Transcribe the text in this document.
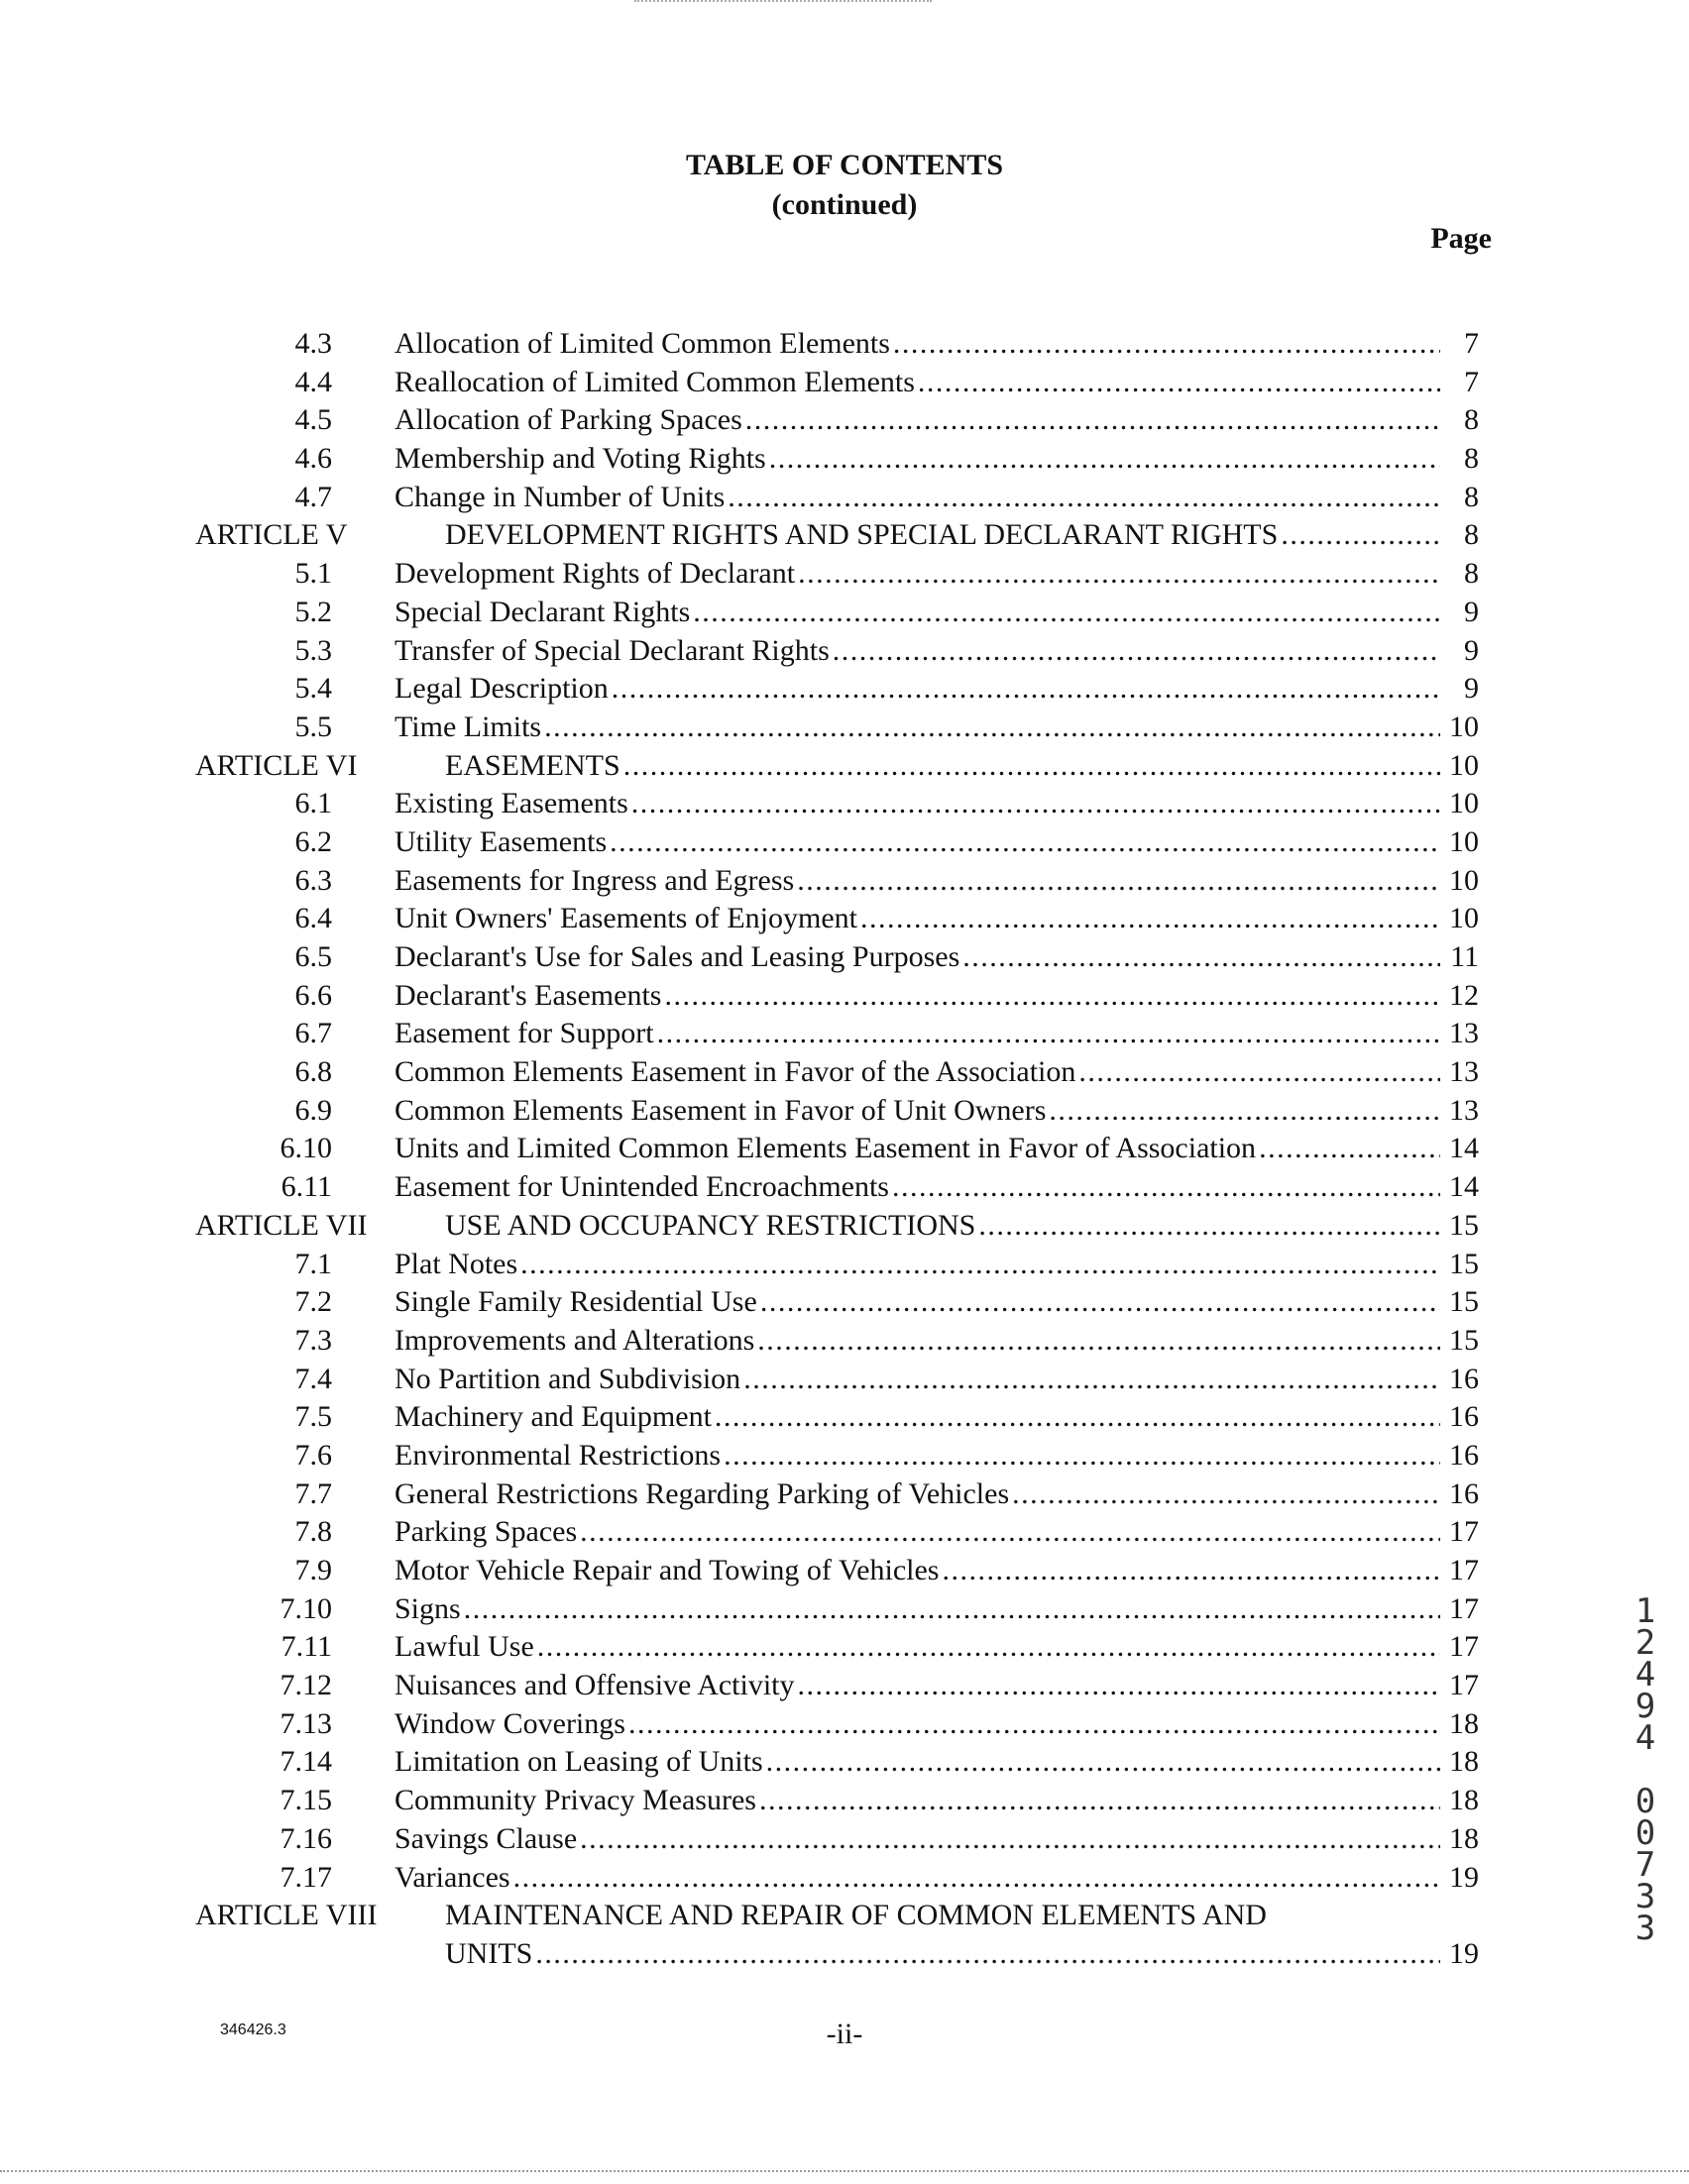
TABLE OF CONTENTS
(continued)
Page
4.3 Allocation of Limited Common Elements . . .	7
4.4 Reallocation of Limited Common Elements . . .	7
4.5 Allocation of Parking Spaces . . .	8
4.6 Membership and Voting Rights . . .	8
4.7 Change in Number of Units . . .	8
ARTICLE V	DEVELOPMENT RIGHTS AND SPECIAL DECLARANT RIGHTS . . .	8
5.1 Development Rights of Declarant . . .	8
5.2 Special Declarant Rights . . .	9
5.3 Transfer of Special Declarant Rights . . .	9
5.4 Legal Description . . .	9
5.5 Time Limits . . .	10
ARTICLE VI	EASEMENTS . . .	10
6.1 Existing Easements . . .	10
6.2 Utility Easements . . .	10
6.3 Easements for Ingress and Egress . . .	10
6.4 Unit Owners' Easements of Enjoyment . . .	10
6.5 Declarant's Use for Sales and Leasing Purposes . . .	11
6.6 Declarant's Easements . . .	12
6.7 Easement for Support . . .	13
6.8 Common Elements Easement in Favor of the Association . . .	13
6.9 Common Elements Easement in Favor of Unit Owners . . .	13
6.10 Units and Limited Common Elements Easement in Favor of Association . . .	14
6.11 Easement for Unintended Encroachments . . .	14
ARTICLE VII	USE AND OCCUPANCY RESTRICTIONS . . .	15
7.1 Plat Notes . . .	15
7.2 Single Family Residential Use . . .	15
7.3 Improvements and Alterations . . .	15
7.4 No Partition and Subdivision . . .	16
7.5 Machinery and Equipment . . .	16
7.6 Environmental Restrictions . . .	16
7.7 General Restrictions Regarding Parking of Vehicles . . .	16
7.8 Parking Spaces . . .	17
7.9 Motor Vehicle Repair and Towing of Vehicles . . .	17
7.10 Signs . . .	17
7.11 Lawful Use . . .	17
7.12 Nuisances and Offensive Activity . . .	17
7.13 Window Coverings . . .	18
7.14 Limitation on Leasing of Units . . .	18
7.15 Community Privacy Measures . . .	18
7.16 Savings Clause . . .	18
7.17 Variances . . .	19
ARTICLE VIII	MAINTENANCE AND REPAIR OF COMMON ELEMENTS AND
UNITS . . .	19
346426.3	-ii-
1
2
4
9
4

0
0
7
3
3
